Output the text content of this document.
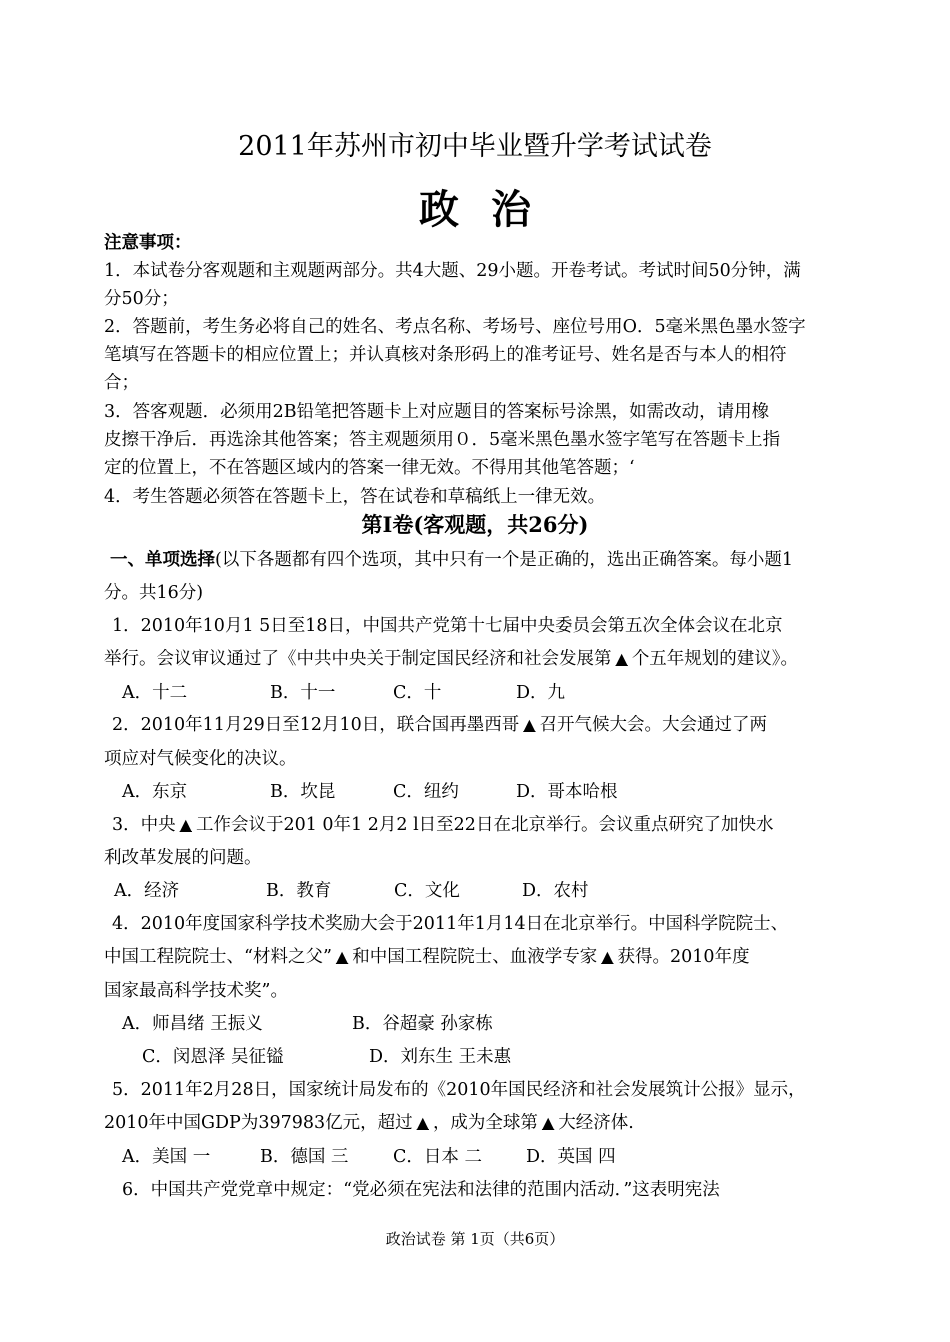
2011年苏州市初中毕业暨升学考试试卷
政治
注意事项：
1．本试卷分客观题和主观题两部分。共4大题、29小题。开卷考试。考试时间50分钟，满
分50分；
2．答题前，考生务必将自己的姓名、考点名称、考场号、座位号用O．5毫米黑色墨水签字
笔填写在答题卡的相应位置上；并认真核对条形码上的准考证号、姓名是否与本人的相符
合；
3．答客观题．必须用2B铅笔把答题卡上对应题目的答案标号涂黑，如需改动，请用橡
皮擦干净后．再选涂其他答案；答主观题须用０．5毫米黑色墨水签字笔写在答题卡上指
定的位置上，不在答题区域内的答案一律无效。不得用其他笔答题；‘
4．考生答题必须答在答题卡上，答在试卷和草稿纸上一律无效。
第Ⅰ卷(客观题，共26分)
一、单项选择(以下各题都有四个选项，其中只有一个是正确的，选出正确答案。每小题1
分。共16分)
1．2010年10月1 5日至18日，中国共产党第十七届中央委员会第五次全体会议在北京
举行。会议审议通过了《中共中央关于制定国民经济和社会发展第 ▲ 个五年规划的建议》。
A．十二	B．十一	C．十	D．九
2．2010年11月29日至12月10日，联合国再墨西哥 ▲ 召开气候大会。大会通过了两
项应对气候变化的决议。
A．东京	B．坎昆	C．纽约	D．哥本哈根
3．中央 ▲ 工作会议于201 0年1 2月2 l日至22日在北京举行。会议重点研究了加快水
利改革发展的问题。
A．经济	B．教育	C．文化	D．农村
4．2010年度国家科学技术奖励大会于2011年1月14日在北京举行。中国科学院院士、
中国工程院院士、“材料之父” ▲ 和中国工程院院士、血液学专家 ▲ 获得。2010年度
国家最高科学技术奖”。
A．师昌绪 王振义	B．谷超豪 孙家栋
C．闵恩泽 吴征镒	D．刘东生 王未惠
5．2011年2月28日，国家统计局发布的《2010年国民经济和社会发展筑计公报》显示，
2010年中国GDP为397983亿元，超过 ▲ ，成为全球第 ▲ 大经济体.
A．美国 一	B．德国 三	C．日本 二	D．英国 四
6．中国共产党党章中规定：“党必须在宪法和法律的范围内活动．”这表明宪法
政治试卷 第 1页（共6页）
